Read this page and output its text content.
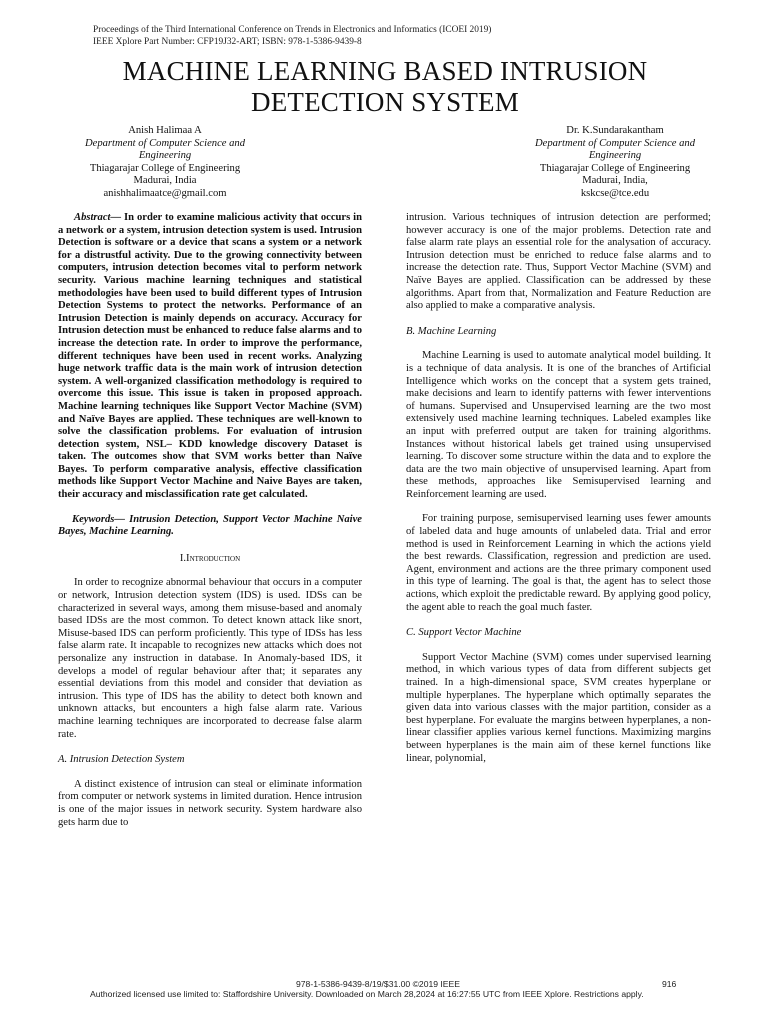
Proceedings of the Third International Conference on Trends in Electronics and Informatics (ICOEI 2019)
IEEE Xplore Part Number: CFP19J32-ART; ISBN: 978-1-5386-9439-8
MACHINE LEARNING BASED INTRUSION
DETECTION SYSTEM
Anish Halimaa A
Department of Computer Science and
Engineering
Thiagarajar College of Engineering
Madurai, India
anishhalimaatce@gmail.com
Dr. K.Sundarakantham
Department of Computer Science and
Engineering
Thiagarajar College of Engineering
Madurai, India,
kskcse@tce.edu

Abstract— In order to examine malicious activity that occurs in a network or a system, intrusion detection system is used. Intrusion Detection is software or a device that scans a system or a network for a distrustful activity. Due to the growing connectivity between computers, intrusion detection becomes vital to perform network security. Various machine learning techniques and statistical methodologies have been used to build different types of Intrusion Detection Systems to protect the networks. Performance of an Intrusion Detection is mainly depends on accuracy. Accuracy for Intrusion detection must be enhanced to reduce false alarms and to increase the detection rate. In order to improve the performance, different techniques have been used in recent works. Analyzing huge network traffic data is the main work of intrusion detection system. A well-organized classification methodology is required to overcome this issue. This issue is taken in proposed approach. Machine learning techniques like Support Vector Machine (SVM) and Naïve Bayes are applied. These techniques are well-known to solve the classification problems. For evaluation of intrusion detection system, NSL– KDD knowledge discovery Dataset is taken. The outcomes show that SVM works better than Naïve Bayes. To perform comparative analysis, effective classification methods like Support Vector Machine and Naive Bayes are taken, their accuracy and misclassification rate get calculated.

Keywords— Intrusion Detection, Support Vector Machine Naive Bayes, Machine Learning.

I.Introduction

In order to recognize abnormal behaviour that occurs in a computer or network, Intrusion detection system (IDS) is used. IDSs can be characterized in several ways, among them misuse-based and anomaly based IDSs are the most common. To detect known attack like snort, Misuse-based IDS can perform proficiently. This type of IDSs has less false alarm rate. It incapable to recognizes new attacks which does not personalize any instruction in database. In Anomaly-based IDS, it develops a model of regular behaviour after that; it separates any essential deviations from this model and consider that deviation as intrusion. This type of IDS has the ability to detect both known and unknown attacks, but encounters a high false alarm rate. Various machine learning techniques are incorporated to decrease false alarm rate.

A. Intrusion Detection System

A distinct existence of intrusion can steal or eliminate information from computer or network systems in limited duration. Hence intrusion is one of the major issues in network security. System hardware also gets harm due to

intrusion. Various techniques of intrusion detection are performed; however accuracy is one of the major problems. Detection rate and false alarm rate plays an essential role for the analysation of accuracy. Intrusion detection must be enriched to reduce false alarms and to increase the detection rate. Thus, Support Vector Machine (SVM) and Naïve Bayes are applied. Classification can be addressed by these algorithms. Apart from that, Normalization and Feature Reduction are also applied to make a comparative analysis.

B. Machine Learning

Machine Learning is used to automate analytical model building. It is a technique of data analysis. It is one of the branches of Artificial Intelligence which works on the concept that a system gets trained, make decisions and learn to identify patterns with fewer interventions of humans. Supervised and Unsupervised learning are the two most extensively used machine learning techniques. Labeled examples like an input with preferred output are taken for training algorithms. Instances without historical labels get trained using unsupervised learning. To discover some structure within the data and to explore the data are the two main objective of unsupervised learning. Apart from these methods, approaches like Semisupervised learning and Reinforcement learning are used.

For training purpose, semisupervised learning uses fewer amounts of labeled data and huge amounts of unlabeled data. Trial and error method is used in Reinforcement Learning in which the actions yield the best rewards. Classification, regression and prediction are used. Agent, environment and actions are the three primary component used in this type of learning. The goal is that, the agent has to select those actions, which exploit the predictable reward. By applying good policy, the agent able to reach the goal much faster.

C. Support Vector Machine

Support Vector Machine (SVM) comes under supervised learning method, in which various types of data from different subjects get trained. In a high-dimensional space, SVM creates hyperplane or multiple hyperplanes. The hyperplane which optimally separates the given data into various classes with the major partition, consider as a best hyperplane. For evaluate the margins between hyperplanes, a non-linear classifier applies various kernel functions. Maximizing margins between hyperplanes is the main aim of these kernel functions like linear, polynomial,

978-1-5386-9439-8/19/$31.00 ©2019 IEEE	916
Authorized licensed use limited to: Staffordshire University. Downloaded on March 28,2024 at 16:27:55 UTC from IEEE Xplore. Restrictions apply.
